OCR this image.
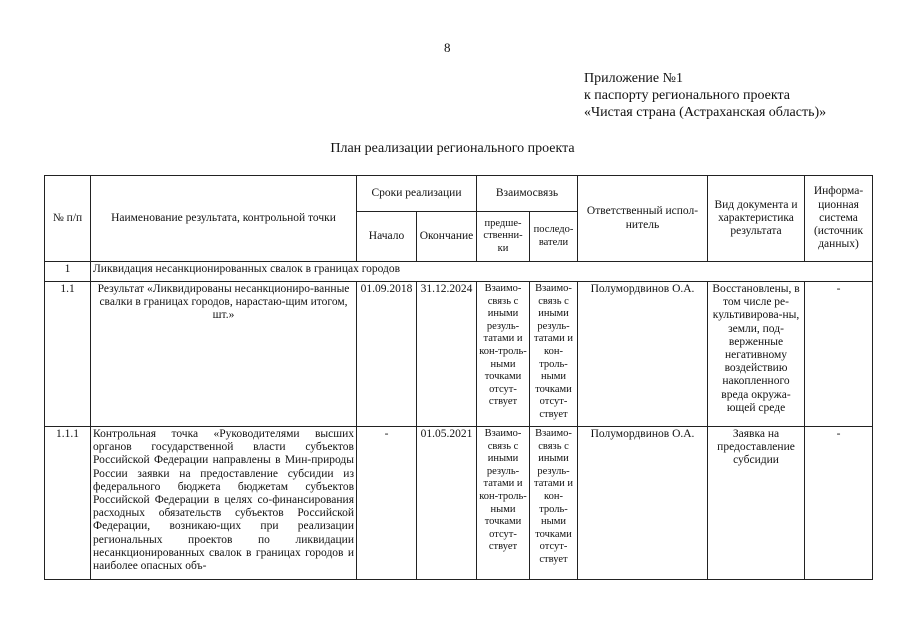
8
Приложение №1
к паспорту регионального проекта
«Чистая страна (Астраханская область)»
План реализации регионального проекта
№ п/п	Наименование результата, контрольной точки	Сроки реализации		Взаимосвязь		Ответственный испол-нитель	Вид документа и характеристика результата	Информа-ционная система (источник данных)
		Начало	Окончание	предше-ственни-ки	последо-ватели			
1	Ликвидация несанкционированных свалок в границах городов							
1.1	Результат «Ликвидированы несанкциониро-ванные свалки в границах городов, нарастаю-щим итогом, шт.»	01.09.2018	31.12.2024	Взаимо-связь с иными резуль-татами и кон-троль-ными точками отсут-ствует	Взаимо-связь с иными резуль-татами и кон-троль-ными точками отсут-ствует	Полумордвинов О.А.	Восстановлены, в том числе ре-культивирова-ны, земли, под-верженные негативному воздействию накопленного вреда окружа-ющей среде	-
1.1.1	Контрольная точка «Руководителями высших органов государственной власти субъектов Российской Федерации направлены в Мин-природы России заявки на предоставление субсидии из федерального бюджета бюджетам субъектов Российской Федерации в целях со-финансирования расходных обязательств субъектов Российской Федерации, возникаю-щих при реализации региональных проектов по ликвидации несанкционированных свалок в границах городов и наиболее опасных объ-	-	01.05.2021	Взаимо-связь с иными резуль-татами и кон-троль-ными точками отсут-ствует	Взаимо-связь с иными резуль-татами и кон-троль-ными точками отсут-ствует	Полумордвинов О.А.	Заявка на предоставление субсидии	-
